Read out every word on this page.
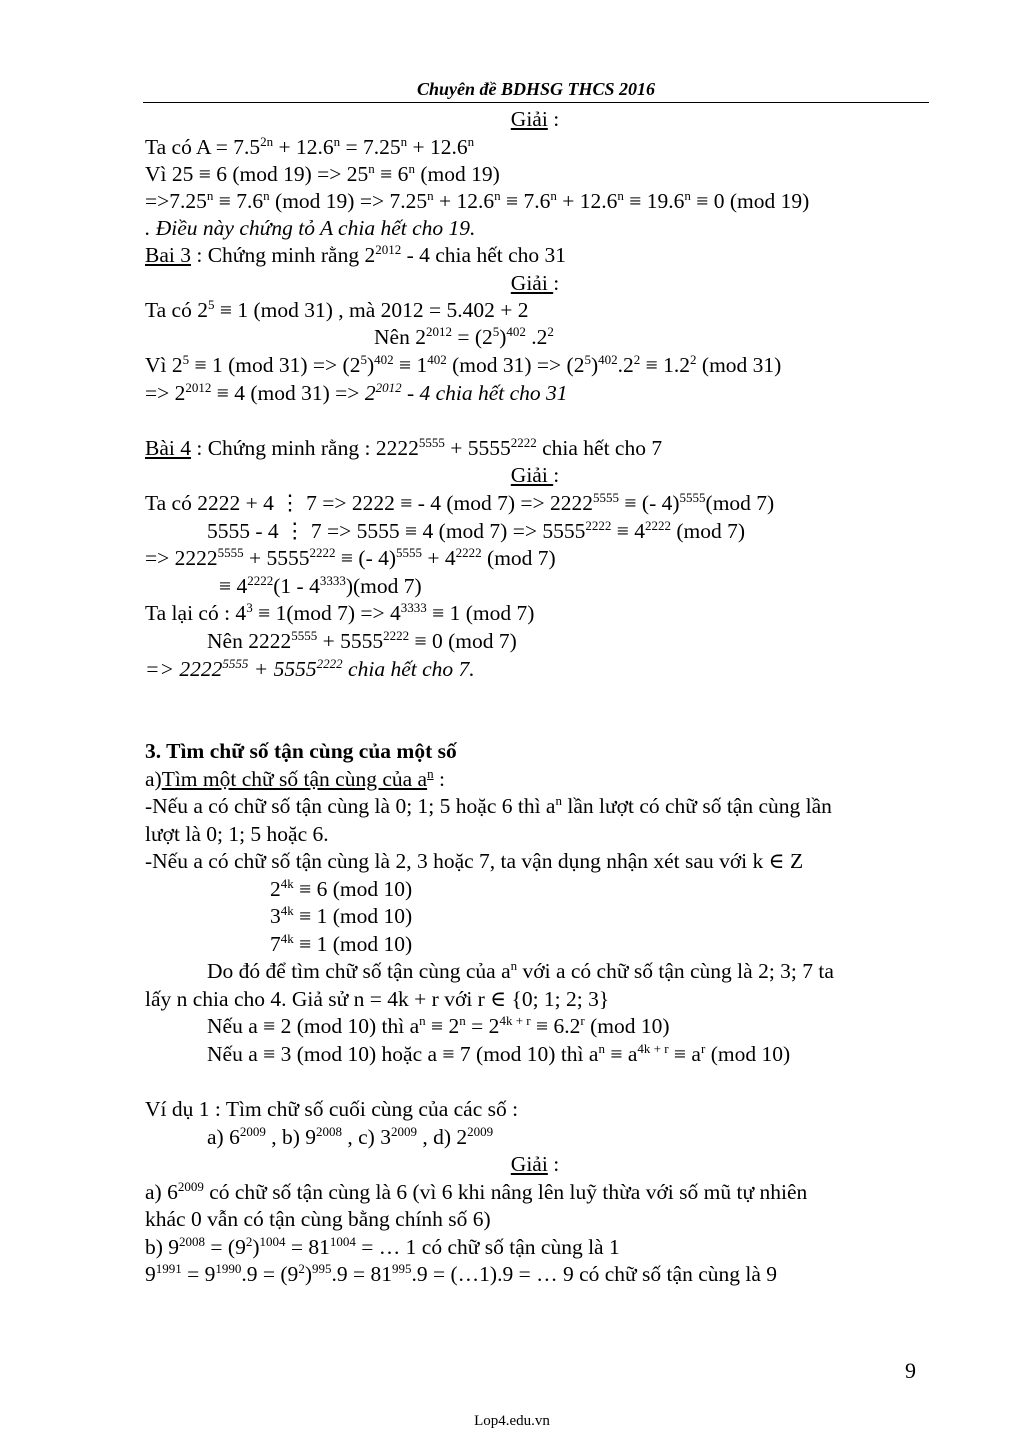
Chuyên đề BDHSG THCS 2016
Giải :
Ta có $A = 7.5^{2n} + 12.6^n = 7.25^n + 12.6^n$
Vì 25 ≡ 6 (mod $19) => 25^n \equiv 6^n$ (mod 19)
$=>7.25^n \equiv 7.6^n$ (mod $19) => 7.25^n + 12.6^n \equiv 7.6^n + 12.6^n \equiv 19.6^n \equiv 0$ (mod 19)
. Điều này chứng tỏ A chia hết cho 19.
Bai 3 : Chứng minh rằng $2^{2012} - 4$ chia hết cho 31
Giải :
Ta có $2^5 \equiv 1$ (mod 31) , mà 2012 = 5.402 + 2
Nên $2^{2012} = (2^5)^{402}$ $.2^2$
Vì $2^5 \equiv 1$ (mod $31) => (2^5)^{402} \equiv 1^{402}$ (mod $31) => (2^5)^{402}.2^2 \equiv 1.2^2$ (mod 31)
=> $2^{2012} \equiv 4$ (mod $31) => 2^{2012} - 4$ chia hết cho 31
Bài 4 : Chứng minh rằng : $2222^{5555} + 5555^{2222}$ chia hết cho 7
Giải :
Ta có 2222 + 4 ⋮ 7 => 2222 ≡ - 4 (mod $7) => 2222^{5555}$ ≡ (- 4)$^{5555}$(mod 7)
5555 - 4 ⋮ 7 => 5555 ≡ 4 (mod $7) => 5555^{2222} \equiv 4^{2222}$ (mod 7)
=> $2222^{5555} + 5555^{2222}$ ≡ (- $4)^{5555} + 4^{2222}$ (mod 7)
≡ $4^{2222}(1 - 4^{3333})(mod$ 7)
Ta lại có : $4^3 \equiv 1(mod$ $7) => 4^{3333} \equiv 1$ (mod 7)
Nên $2222^{5555} + 5555^{2222} \equiv 0$ (mod 7)
=> $2222^{5555} + 5555^{2222}$ chia hết cho 7.
3. Tìm chữ số tận cùng của một số
a)Tìm một chữ số tận cùng của $a^n$ :
-Nếu a có chữ số tận cùng là 0; 1; 5 hoặc 6 thì $a^n$ lần lượt có chữ số tận cùng lần
lượt là 0; 1; 5 hoặc 6.
-Nếu a có chữ số tận cùng là 2, 3 hoặc 7, ta vận dụng nhận xét sau với k ∈ Z
$2^{4k} \equiv 6$ (mod 10)
$3^{4k} \equiv 1$ (mod 10)
$7^{4k} \equiv 1$ (mod 10)
Do đó để tìm chữ số tận cùng của $a^n$ với a có chữ số tận cùng là 2; 3; 7 ta
lấy n chia cho 4. Giả sử n = 4k + r với r ∈ {0; 1; 2; 3}
Nếu a ≡ 2 (mod 10) thì $a^n \equiv 2^n = 2^{4k + r} \equiv 6.2^r$ (mod 10)
Nếu a ≡ 3 (mod 10) hoặc a ≡ 7 (mod 10) thì $a^n \equiv a^{4k + r} \equiv a^r$ (mod 10)
Ví dụ 1 : Tìm chữ số cuối cùng của các số :
a) $6^{2009}$ , b) $9^{2008}$ , c) $3^{2009}$ , d) $2^{2009}$
Giải :
a) $6^{2009}$ có chữ số tận cùng là 6 (vì 6 khi nâng lên luỹ thừa với số mũ tự nhiên
khác 0 vẫn có tận cùng bằng chính số 6)
b) $9^{2008} = (9^2)^{1004} = 81^{1004}$ = … 1 có chữ số tận cùng là 1
$9^{1991} = 9^{1990}.9 = (9^2)^{995}.9 = 81^{995}.9$ = (…1).9 = … 9 có chữ số tận cùng là 9
9
Lop4.edu.vn
